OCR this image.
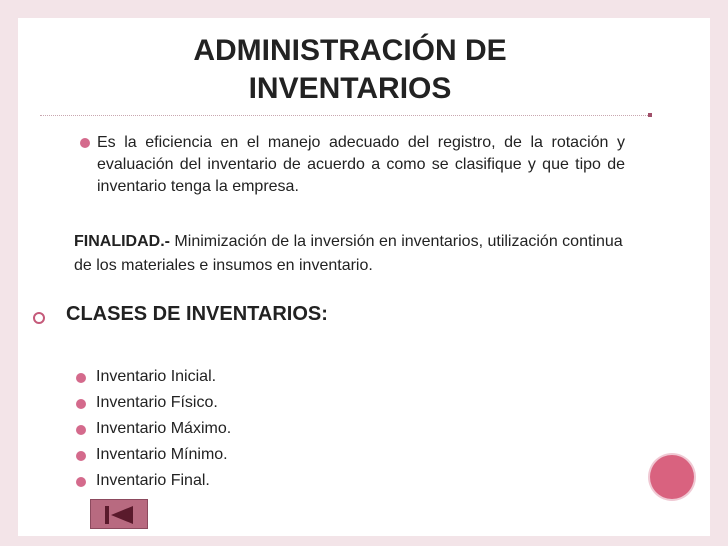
ADMINISTRACIÓN DE
INVENTARIOS
Es la eficiencia en el manejo adecuado del registro, de la rotación y evaluación del inventario de acuerdo a como se clasifique y que tipo de inventario tenga la empresa.
FINALIDAD.- Minimización de la inversión en inventarios, utilización continua de los materiales e insumos en inventario.
CLASES DE INVENTARIOS:
Inventario Inicial.
Inventario Físico.
Inventario Máximo.
Inventario Mínimo.
Inventario Final.
